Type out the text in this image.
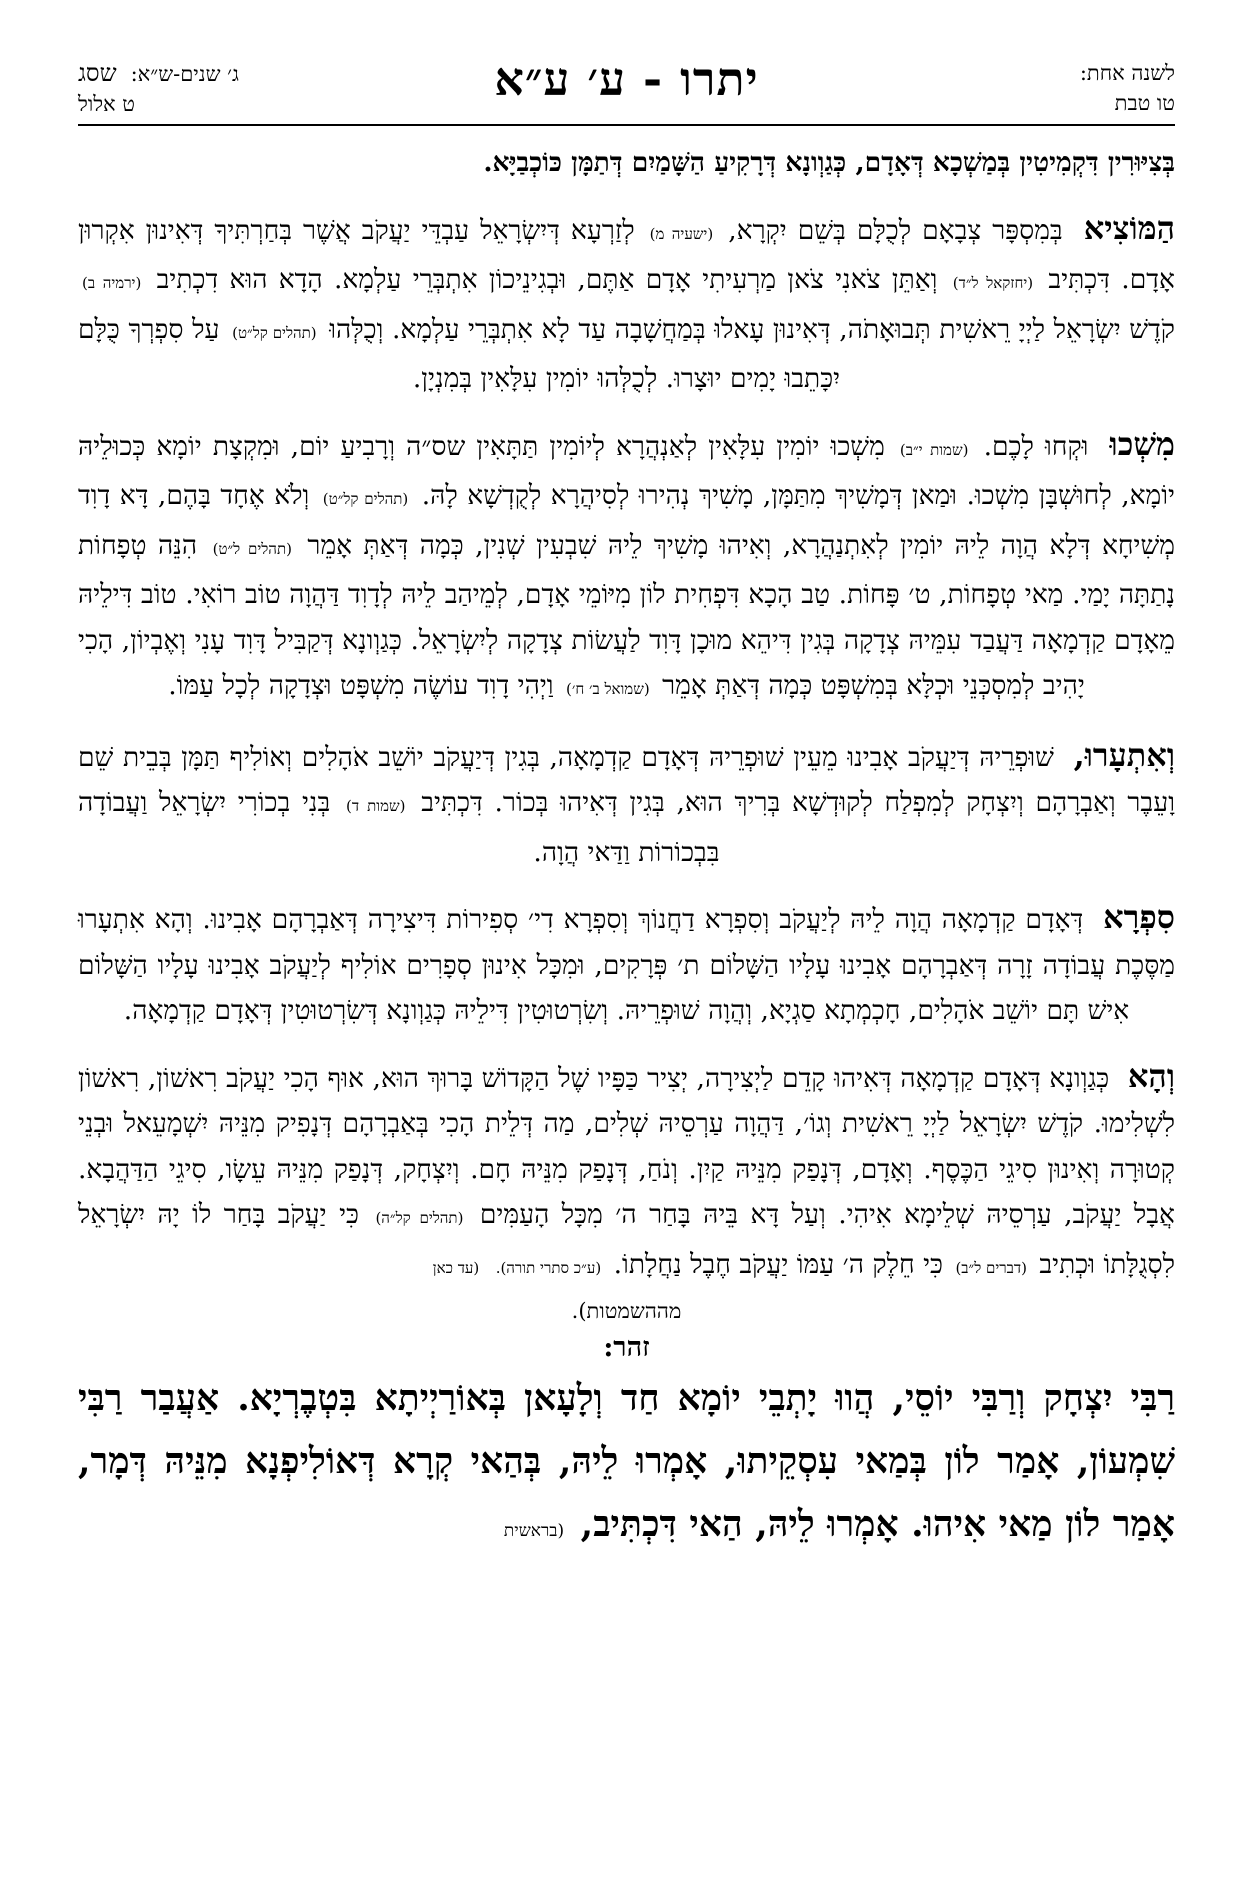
לשנה אחת:
טו טבת
יתרו - ע׳ ע״א
ג׳ שנים-ש״א:
שסג
ט אלול

בְּצִיּוּרִין דִּקְמִיטִין בְּמַשְׁכָא דְּאָדָם, כְּגַוְונָא דְּרָקִיעַ הַשָּׁמַיִם דְּתַמָּן כּוֹכְבַיָּא.

הַמּוֹצִיא בְּמִסְפָּר צְבָאָם לְכֻלָּם בְּשֵׁם יִקְרָא, (ישעיה מ) לְזַרְעָא דְּיִשְׂרָאֵל עַבְדֵּי יַעֲקֹב אֲשֶׁר בְּחַרְתִּיךָ דְּאִינוּן אִקְרוּן אָדָם. דִּכְתִּיב (יחזקאל ל״ד) וְאַתֵּן צֹאנִי צֹאן מַרְעִיתִי אָדָם אַתֶּם, וּבְגִינֵיכוֹן אִתְבְּרֵי עַלְמָא. הָדָא הוּא דִכְתִיב (ירמיה ב) קֹדֶשׁ יִשְׂרָאֵל לַיְיָ רֵאשִׁית תְּבוּאָתֹה, דְּאִינוּן עָאלוּ בְּמַחֲשָׁבָה עַד לָא אִתְבְּרֵי עַלְמָא. וְכֻלְּהוּ (תהלים קל״ט) עַל סִפְרְךָ כֻּלָּם יִכָּתֵבוּ יָמִים יוּצָרוּ. לְכֻלְּהוּ יוֹמִין עִלָּאִין בְּמִנְיָן.

מִשְׁכוּ וּקְחוּ לָכֶם. (שמות י״ב) מִשְׁכוּ יוֹמִין עִלָּאִין לְאַנְהֲרָא לְיוֹמִין תַּתָּאִין שס״ה וְרָבִיעַ יוֹם, וּמִקְצָת יוֹמָא כְּכוּלֵיהּ יוֹמָא, לְחוּשְׁבָּן מִשְׁכוּ. וּמַאן דְּמָשִׁיךְ מִתַּמָּן, מָשִׁיךְ נְהִירוּ לְסִיהֲרָא לְקֻדְשָׁא לָהּ. (תהלים קל״ט) וְלֹא אֶחָד בָּהֶם, דָּא דָוִד מְשִׁיחָא דְּלָא הֲוָה לֵיהּ יוֹמִין לְאִתְנַהֲרָא, וְאִיהוּ מָשִׁיךְ לֵיהּ שִׁבְעִין שְׁנִין, כְּמָה דְּאַתְּ אָמֵר (תהלים ל״ט) הִנֵּה טְפָחוֹת נָתַתָּה יָמַי. מַאי טְפָחוֹת, ט׳ פָּחוֹת. טַב הָכָא דִּפְחִית לוֹן מִיּוֹמֵי אָדָם, לְמֵיהַב לֵיהּ לְדָוִד דַּהֲוָה טוֹב רוֹאִי. טוֹב דִּילֵיהּ מֵאָדָם קַדְמָאָה דַּעֲבַד עִמֵּיהּ צְדָקָה בְּגִין דִּיהֵא מוּכָן דָּוִד לַעֲשׂוֹת צְדָקָה לְיִשְׂרָאֵל. כְּגַוְונָא דְּקַבִּיל דָּוִד עָנִי וְאֶבְיוֹן, הָכִי יָהִיב לְמִסְכְּנֵי וּכְלָּא בְּמִשְׁפָּט כְּמָה דְּאַתְּ אָמֵר (שמואל ב׳ ח׳) וַיְהִי דָוִד עוֹשֶׂה מִשְׁפָּט וּצְדָקָה לְכָל עַמּוֹ.

וְאִתְעָרוּ, שׁוּפְרֵיהּ דְּיַעֲקֹב אָבִינוּ מֵעֵין שׁוּפְרֵיהּ דְּאָדָם קַדְמָאָה, בְּגִין דְּיַעֲקֹב יוֹשֵׁב אֹהָלִים וְאוֹלִיף תַּמָּן בְּבֵית שֵׁם וָעֵבֶר וְאַבְרָהָם וְיִצְחָק לְמִפְלַח לְקוּדְשָׁא בְּרִיךְ הוּא, בְּגִין דְּאִיהוּ בְּכוֹר. דִּכְתִּיב (שמות ד) בְּנִי בְכוֹרִי יִשְׂרָאֵל וַעֲבוֹדָה בִּבְכוֹרוֹת וַדַּאי הֲוָה.

סִפְרָא דְּאָדָם קַדְמָאָה הֲוָה לֵיהּ לְיַעֲקֹב וְסִפְרָא דַחֲנוֹךְ וְסִפְרָא דִי׳ סְפִירוֹת דִּיצִירָה דְּאַבְרָהָם אָבִינוּ. וְהָא אִתְעָרוּ מַסֶּכֶת עֲבוֹדָה זָרָה דְּאַבְרָהָם אָבִינוּ עָלָיו הַשָּׁלוֹם ת׳ פְּרָקִים, וּמִכָּל אִינוּן סְפָרִים אוֹלִיף לְיַעֲקֹב אָבִינוּ עָלָיו הַשָּׁלוֹם אִישׁ תָּם יוֹשֵׁב אֹהָלִים, חָכְמְתָא סַגְיָא, וְהֲוָה שׁוּפְרֵיהּ. וְשִׂרְטוּטִין דִּילֵיהּ כְּגַוְונָא דְּשִׂרְטוּטִין דְּאָדָם קַדְמָאָה.

וְהָא כְּגַוְונָא דְּאָדָם קַדְמָאָה דְּאִיהוּ קָדֵם לַיְצִירָה, יְצִיר כַּפָּיו שֶׁל הַקָּדוֹשׁ בָּרוּךְ הוּא, אוּף הָכִי יַעֲקֹב רִאשׁוֹן, רִאשׁוֹן לִשְׁלִימוּ. קֹדֶשׁ יִשְׂרָאֵל לַיְיָ רֵאשִׁית וְגוֹ׳, דַּהֲוָה עַרְסֵיהּ שְׁלִים, מַה דְּלֵית הָכִי בְּאַבְרָהָם דְּנָפִיק מִנֵּיהּ יִשְׁמָעֵאל וּבְנֵי קְטוּרָה וְאִינוּן סִיגֵי הַכֶּסֶף. וְאָדָם, דְּנָפַק מִנֵּיהּ קַיִן. וְנֹחַ, דְּנָפַק מִנֵּיהּ חָם. וְיִצְחָק, דְּנָפַק מִנֵּיהּ עֵשָׂו, סִיגֵי הַדַּהֲבָא. אֲבָל יַעֲקֹב, עַרְסֵיהּ שְׁלֵימָא אִיהִי. וְעַל דָּא בֵּיהּ בָּחַר ה׳ מִכָּל הָעַמִּים (תהלים קל״ה) כִּי יַעֲקֹב בָּחַר לוֹ יָהּ יִשְׂרָאֵל לִסְגֻלָּתוֹ וּכְתִיב (דברים ל״ב) כִּי חֵלֶק ה׳ עַמּוֹ יַעֲקֹב חֶבֶל נַחֲלָתוֹ. (ע״כ סתרי תורה). (עד כאן

מההשמטות).
זהר:

רַבִּי יִצְחָק וְרַבִּי יוֹסֵי, הֲווּ יָתְבֵי יוֹמָא חַד וְלָעָאן בְּאוֹרַיְיתָא בִּטְבֶרְיָא. אַעֲבַר רַבִּי שִׁמְעוֹן, אָמַר לוֹן בְּמַאי עִסְקֵיתוּ, אָמְרוּ לֵיהּ, בְּהַאי קְרָא דְּאוֹלִיפְנָא מִנֵּיהּ דְּמָר, אָמַר לוֹן מַאי אִיהוּ. אָמְרוּ לֵיהּ, הַאי דִּכְתִּיב, (בראשית
